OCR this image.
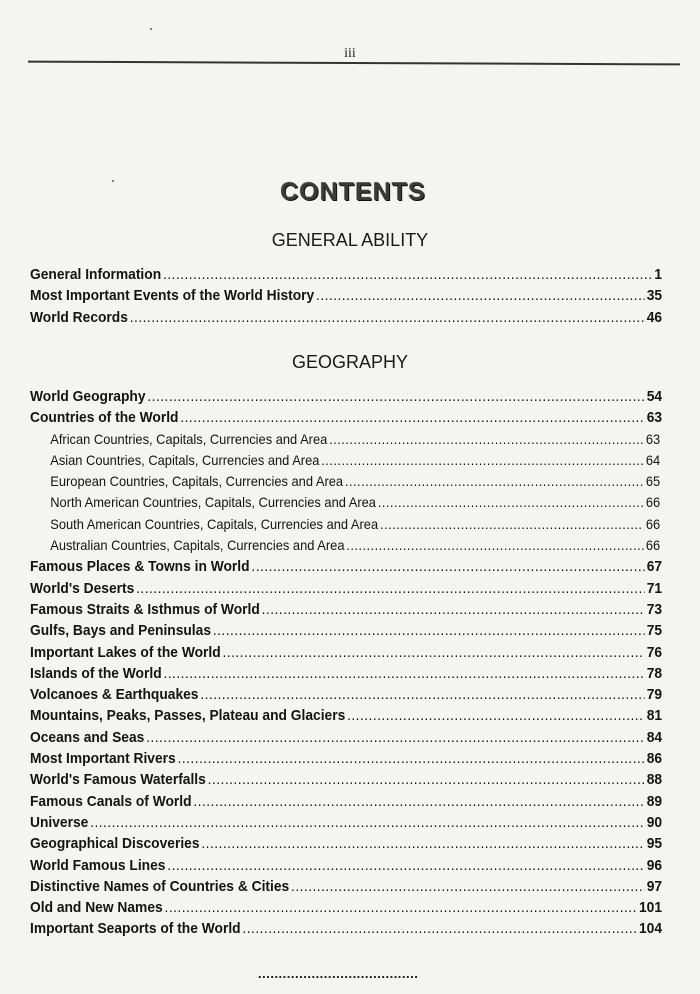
iii
CONTENTS
GENERAL ABILITY
General Information .....	1
Most Important Events of the World History .....	35
World Records .....	46
GEOGRAPHY
World Geography .....	54
Countries of the World .....	63
African Countries, Capitals, Currencies and Area .....	63
Asian Countries, Capitals, Currencies and Area .....	64
European Countries, Capitals, Currencies and Area .....	65
North American Countries, Capitals, Currencies and Area .....	66
South American Countries, Capitals, Currencies and Area .....	66
Australian Countries, Capitals, Currencies and Area .....	66
Famous Places & Towns in World .....	67
World's Deserts .....	71
Famous Straits & Isthmus of World .....	73
Gulfs, Bays and Peninsulas .....	75
Important Lakes of the World .....	76
Islands of the World .....	78
Volcanoes & Earthquakes .....	79
Mountains, Peaks, Passes, Plateau and Glaciers .....	81
Oceans and Seas .....	84
Most Important Rivers .....	86
World's Famous Waterfalls .....	88
Famous Canals of World .....	89
Universe .....	90
Geographical Discoveries .....	95
World Famous Lines .....	96
Distinctive Names of Countries & Cities .....	97
Old and New Names .....	101
Important Seaports of the World .....	104
.......................................
